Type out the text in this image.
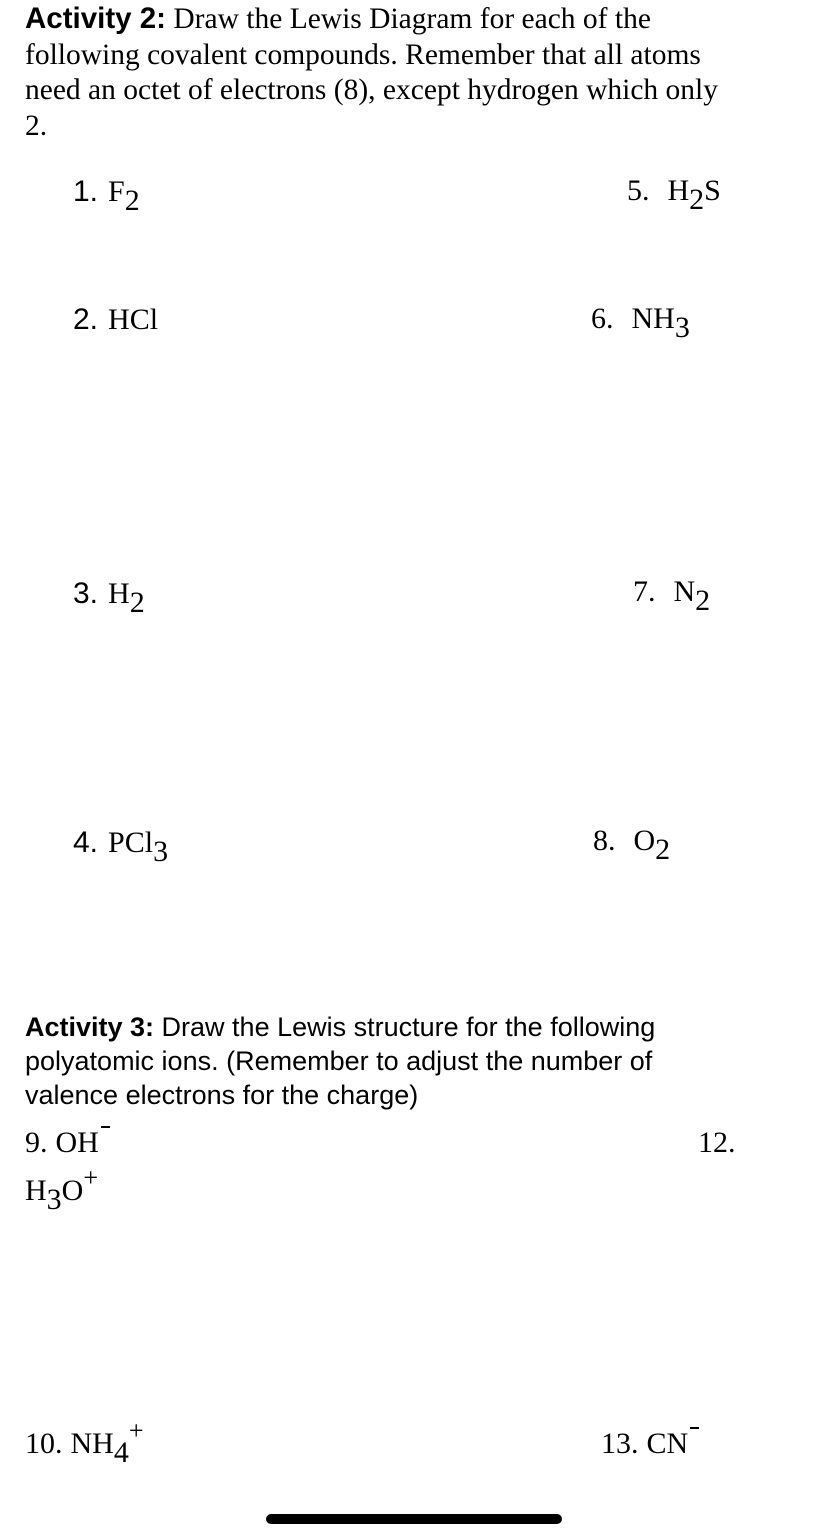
Activity 2: Draw the Lewis Diagram for each of the
following covalent compounds. Remember that all atoms
need an octet of electrons (8), except hydrogen which only
2.
1. F2
2. HCl
3. H2
4. PCl3
5. H2S
6. NH3
7. N2
8. O2
Activity 3: Draw the Lewis structure for the following
polyatomic ions. (Remember to adjust the number of
valence electrons for the charge)
9. OH	12.
H3O+
10. NH4+	13. CN
